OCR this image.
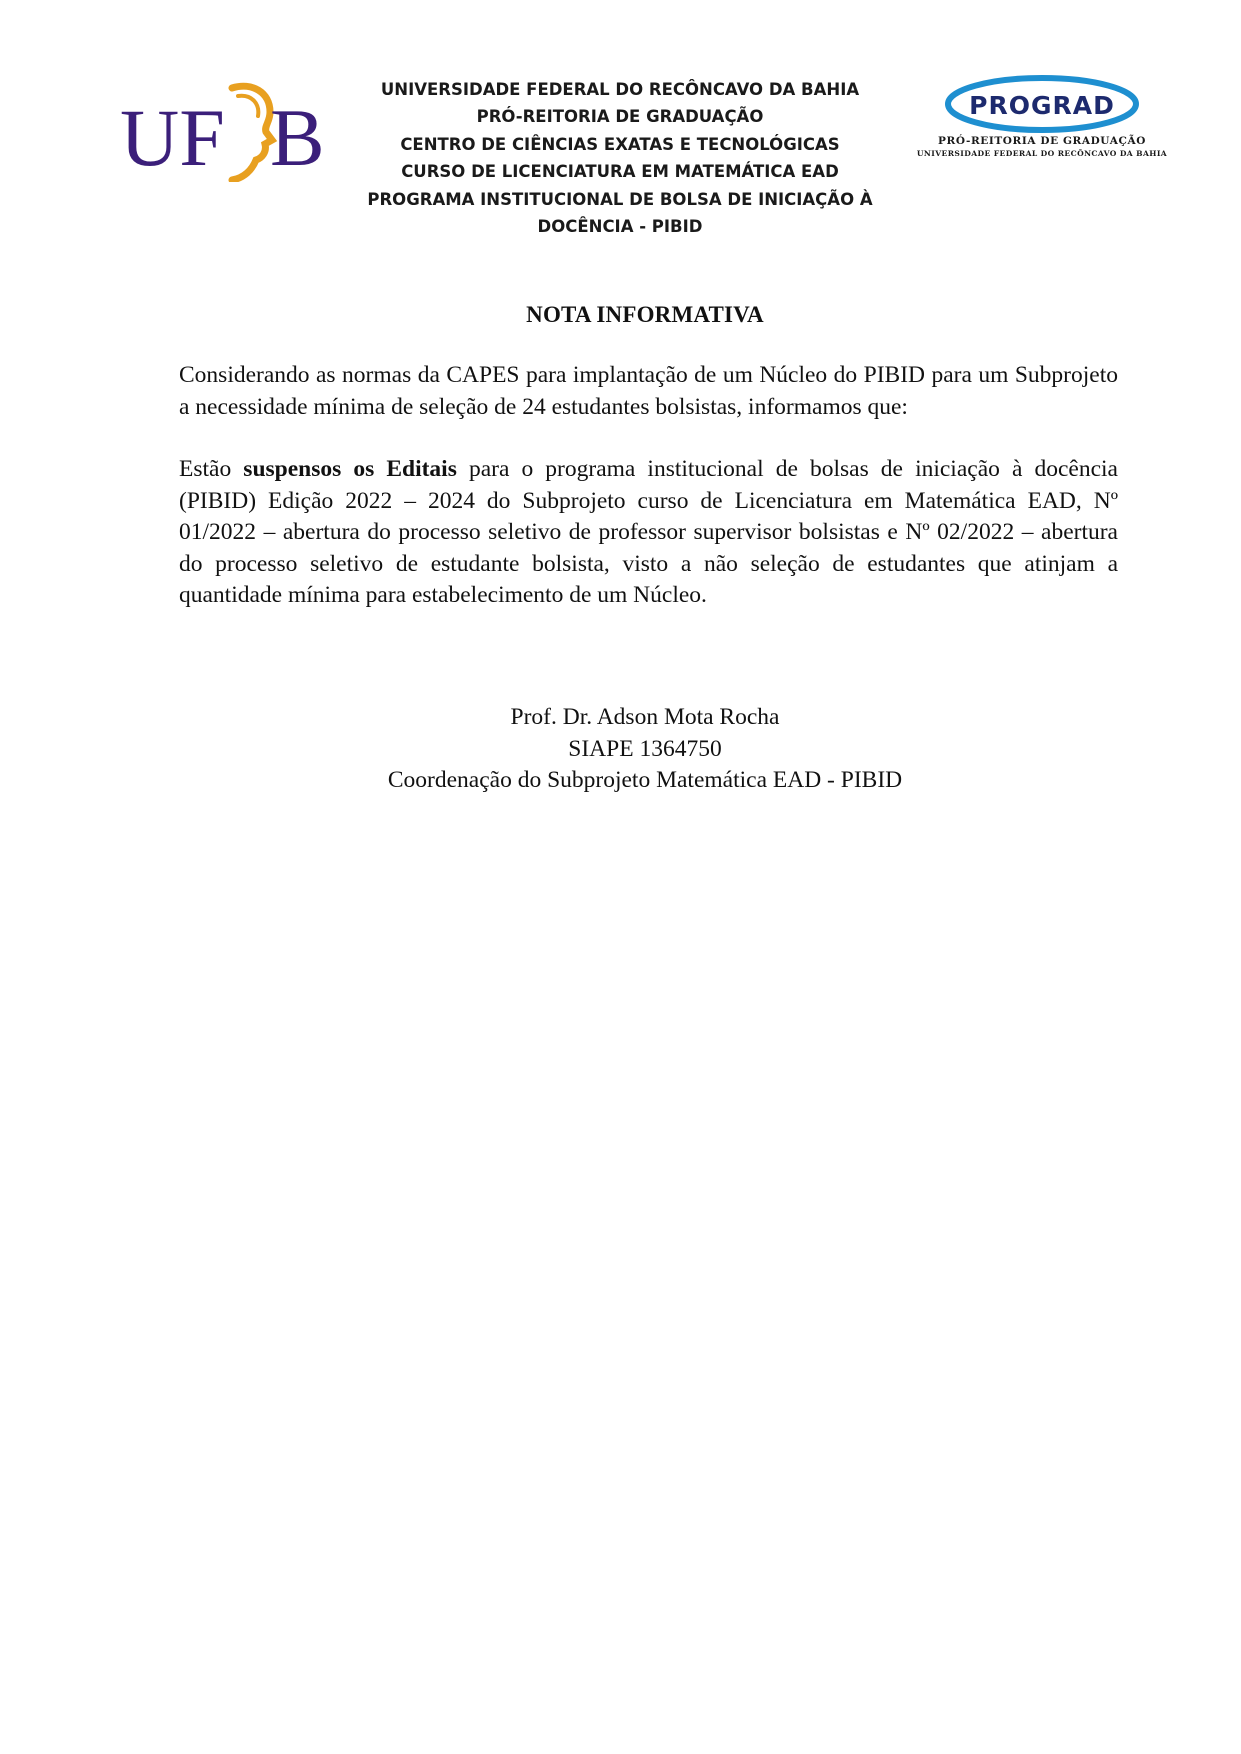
UF B
UNIVERSIDADE FEDERAL DO RECÔNCAVO DA BAHIA
PRÓ-REITORIA DE GRADUAÇÃO
CENTRO DE CIÊNCIAS EXATAS E TECNOLÓGICAS
CURSO DE LICENCIATURA EM MATEMÁTICA EAD
PROGRAMA INSTITUCIONAL DE BOLSA DE INICIAÇÃO À
DOCÊNCIA - PIBID
PROGRAD
PRÓ-REITORIA DE GRADUAÇÃO
UNIVERSIDADE FEDERAL DO RECÔNCAVO DA BAHIA
NOTA INFORMATIVA

Considerando as normas da CAPES para implantação de um Núcleo do PIBID para um Subprojeto a necessidade mínima de seleção de 24 estudantes bolsistas, informamos que:

Estão suspensos os Editais para o programa institucional de bolsas de iniciação à docência (PIBID) Edição 2022 – 2024 do Subprojeto curso de Licenciatura em Matemática EAD, Nº 01/2022 – abertura do processo seletivo de professor supervisor bolsistas e Nº 02/2022 – abertura do processo seletivo de estudante bolsista, visto a não seleção de estudantes que atinjam a quantidade mínima para estabelecimento de um Núcleo.

Prof. Dr. Adson Mota Rocha
SIAPE 1364750
Coordenação do Subprojeto Matemática EAD - PIBID
